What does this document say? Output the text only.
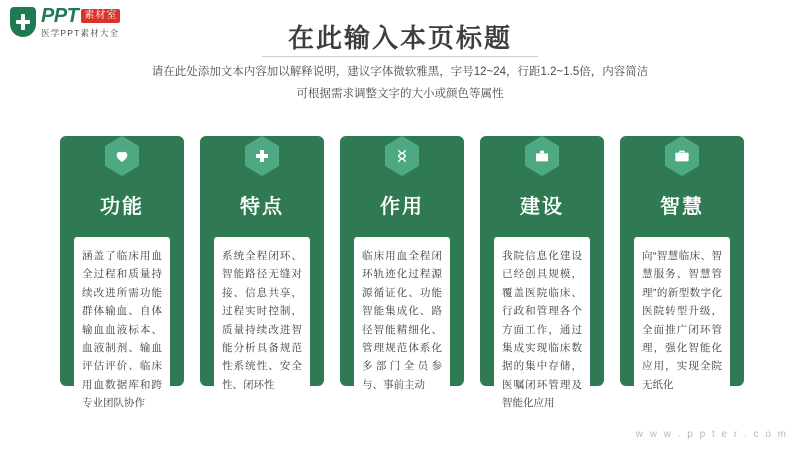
PPT 素材室
医学PPT素材大全	在此输入本页标题
请在此处添加文本内容加以解释说明，建议字体微软雅黑，字号12~24，行距1.2~1.5倍，内容简洁
可根据需求调整文字的大小或颜色等属性
功能
涵盖了临床用血全过程和质量持续改进所需功能群体输血、自体输血血液标本、血液制剂、输血评估评价、临床用血数据库和跨专业团队协作
特点
系统全程闭环、智能路径无缝对接、信息共享，过程实时控制，质量持续改进智能分析具备规范性系统性、安全性、闭环性
作用
临床用血全程闭环轨迹化过程源源循证化、功能智能集成化、路径智能精细化、管理规范体系化多部门全员参与、事前主动
建设
我院信息化建设已经创具规模，覆盖医院临床、行政和管理各个方面工作，通过集成实现临床数据的集中存储，医嘱闭环管理及智能化应用
智慧
向“智慧临床、智慧服务、智慧管理”的新型数字化医院转型升级，全面推广闭环管理，强化智能化应用，实现全院无纸化
w w w . p p t e r . c o m
